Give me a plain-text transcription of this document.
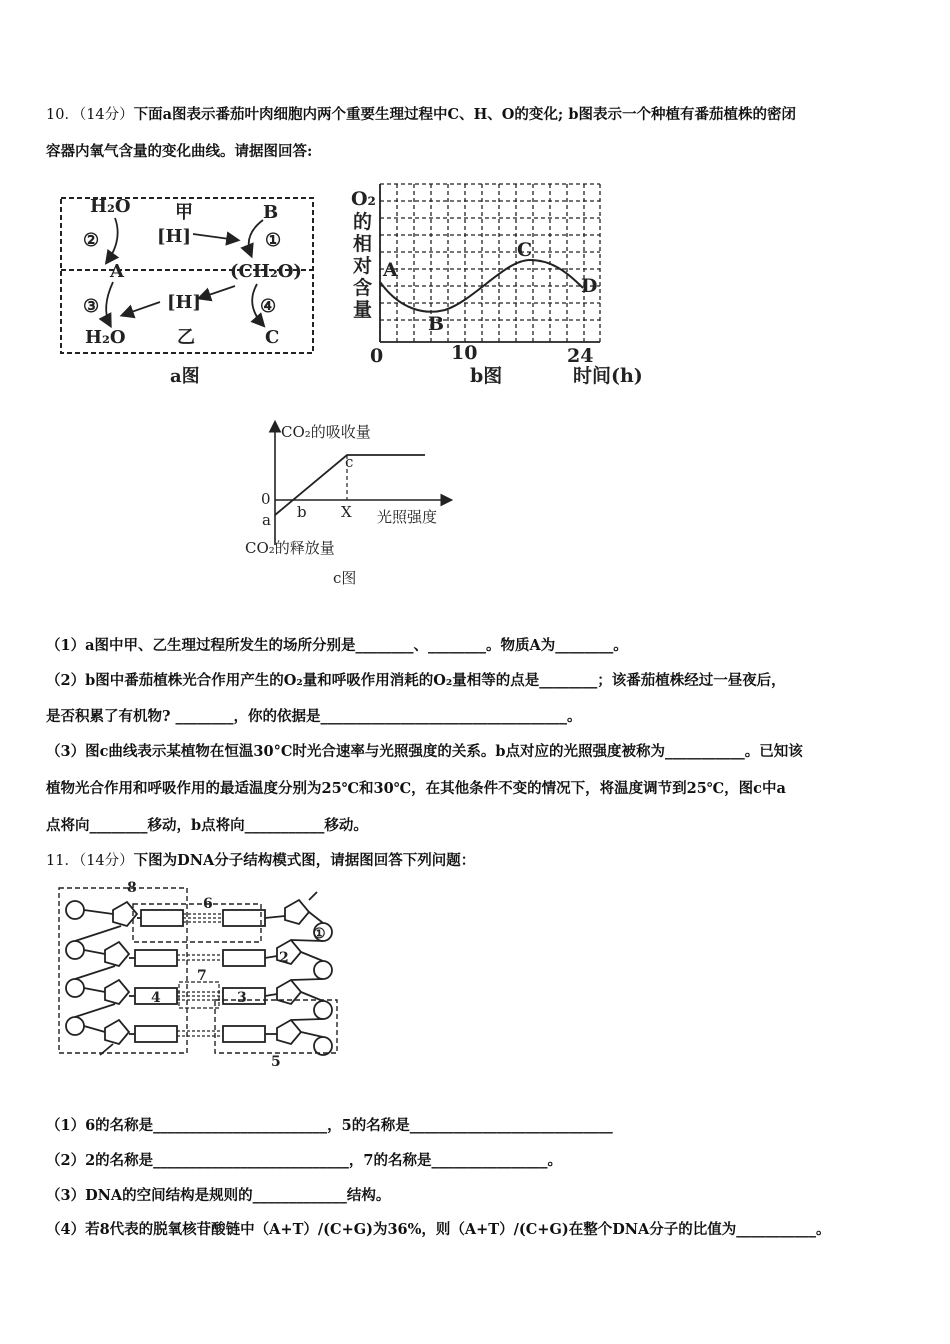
10．（14分）下面a图表示番茄叶肉细胞内两个重要生理过程中C、H、O的变化; b图表示一个种植有番茄植株的密闭
容器内氧气含量的变化曲线。请据图回答:
H₂O 甲	B
②	[H]	①
A	(CH₂O)
③	[H]	④
H₂O	乙	C
a图
O₂
的
相
对
含
量
A
B
C
D
0	10	24
b图	时间(h)
CO₂的吸收量
c
0
b X
a	光照强度
CO₂的释放量
c图
（1）a图中甲、乙生理过程所发生的场所分别是________、________。物质A为________。
（2）b图中番茄植株光合作用产生的O₂量和呼吸作用消耗的O₂量相等的点是________；该番茄植株经过一昼夜后，
是否积累了有机物? ________，你的依据是__________________________________。
（3）图c曲线表示某植物在恒温30°C时光合速率与光照强度的关系。b点对应的光照强度被称为___________。已知该
植物光合作用和呼吸作用的最适温度分别为25℃和30℃，在其他条件不变的情况下，将温度调节到25℃，图c中a
点将向________移动，b点将向___________移动。
11．（14分）下图为DNA分子结构模式图，请据图回答下列问题：
8
6
①
2
7
4	3
5
（1）6的名称是________________________，5的名称是____________________________
（2）2的名称是___________________________，7的名称是________________。
（3）DNA的空间结构是规则的_____________结构。
（4）若8代表的脱氧核苷酸链中（A+T）/(C+G)为36%，则（A+T）/(C+G)在整个DNA分子的比值为___________。
